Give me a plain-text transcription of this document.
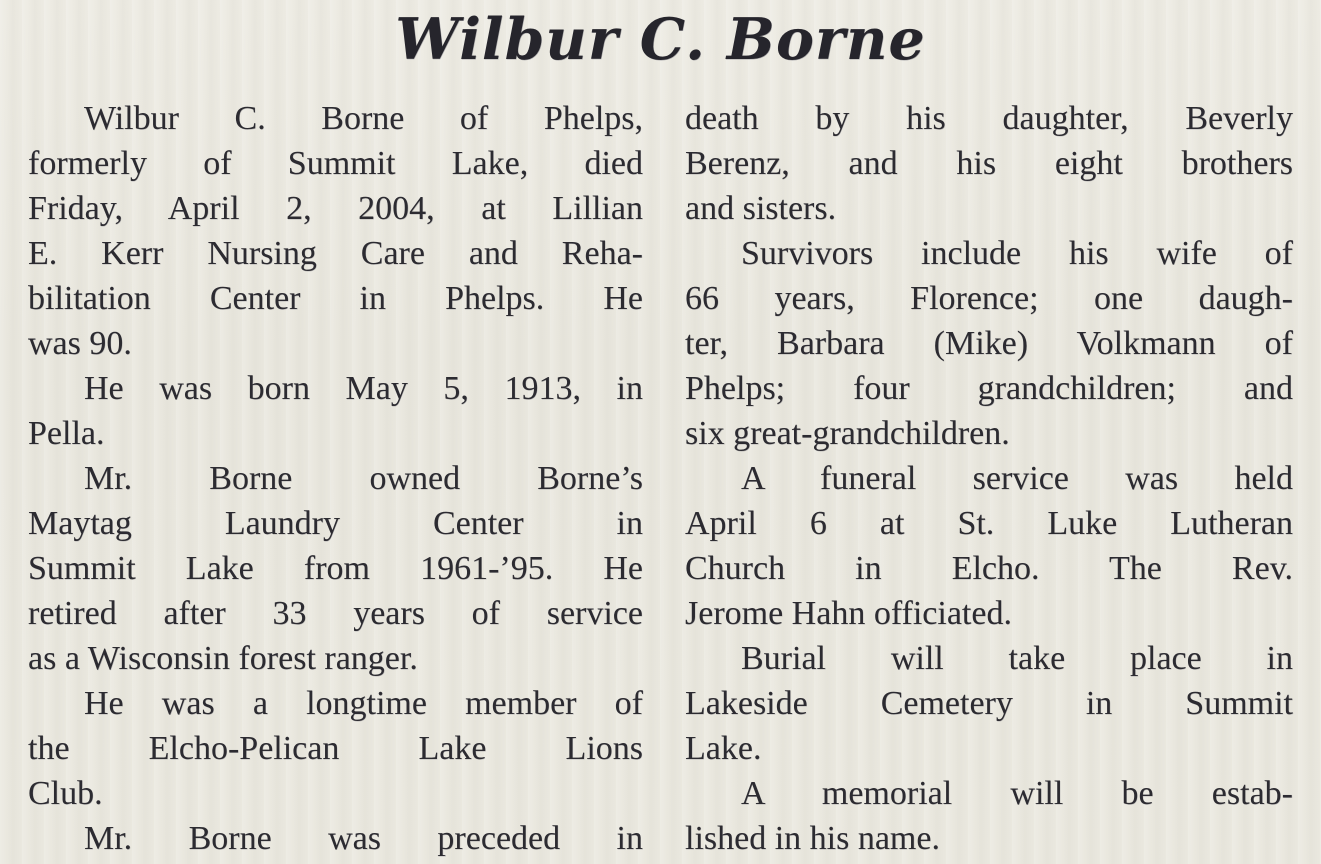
Wilbur C. Borne
Wilbur C. Borne of Phelps,
formerly of Summit Lake, died
Friday, April 2, 2004, at Lillian
E. Kerr Nursing Care and Reha-
bilitation Center in Phelps. He
was 90.
He was born May 5, 1913, in
Pella.
Mr. Borne owned Borne’s
Maytag Laundry Center in
Summit Lake from 1961-’95. He
retired after 33 years of service
as a Wisconsin forest ranger.
He was a longtime member of
the Elcho-Pelican Lake Lions
Club.
Mr. Borne was preceded in
death by his daughter, Beverly
Berenz, and his eight brothers
and sisters.
Survivors include his wife of
66 years, Florence; one daugh-
ter, Barbara (Mike) Volkmann of
Phelps; four grandchildren; and
six great-grandchildren.
A funeral service was held
April 6 at St. Luke Lutheran
Church in Elcho. The Rev.
Jerome Hahn officiated.
Burial will take place in
Lakeside Cemetery in Summit
Lake.
A memorial will be estab-
lished in his name.
